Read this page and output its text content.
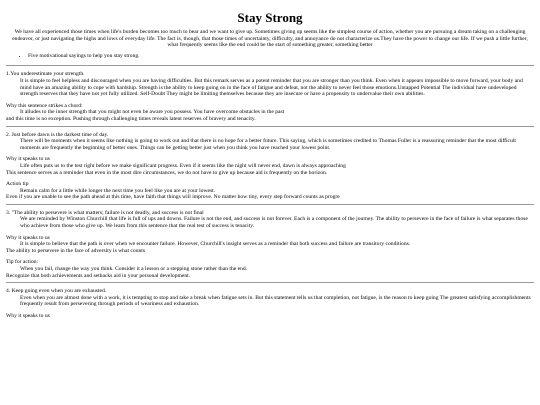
Stay Strong
We have all experienced those times when life's burden becomes too much to bear and we want to give up. Sometimes giving up seems like the simplest course of action, whether you are pursuing a dream taking on a challenging endeavor, or just navigating the highs and lows of everyday life. The fact is, though, that those times of uncertainty, difficulty, and annoyance do not characterize us.They have the power to change our life. If we push a little further, what frequently seems like the end could be the start of something greater, something better
• Five motivational sayings to help you stay strong.
1.You underestimate your strength.
It is simple to feel helpless and discouraged when you are having difficulties. But this remark serves as a potent reminder that you are stronger than you think. Even when it appears impossible to move forward, your body and mind have an amazing ability to cope with hardship. Strength is the ability to keep going on in the face of fatigue and defeat, not the ability to never feel those emotions.Untapped Potential The individual have undeveloped strength reserves that they have not yet fully utilized. Self-Doubt They might be limiting themselves because they are insecure or have a propensity to undervalue their own abilities.
Why this sentence strikes a chord:
It alludes to the inner strength that you might not even be aware you possess. You have overcome obstacles in the past
and this time is no exception. Pushing through challenging times reveals latent reserves of bravery and tenacity.
2. Just before dawn is the darkest time of day.
There will be moments when it seems like nothing is going to work out and that there is no hope for a better future. This saying, which is sometimes credited to Thomas Fuller is a reassuring reminder that the most difficult moments are frequently the beginning of better ones. Things can be getting better just when you think you have reached your lowest point.
Why it speaks to us
Life often puts us to the test right before we make significant progress. Even if it seems like the night will never end, dawn is always approaching
This sentence serves as a reminder that even in the most dire circumstances, we do not have to give up because aid is frequently on the horizon.
Action tip
Remain calm for a little while longer the next time you feel like you are at your lowest.
Even if you are unable to see the path ahead at this time, have faith that things will improve. No matter how tiny, every step forward counts as progre
3. "The ability to persevere is what matters; failure is not deadly, and success is not final
We are reminded by Winston Churchill that life is full of ups and downs. Failure is not the end, and success is not forever. Each is a component of the journey. The ability to persevere in the face of failure is what separates those who achieve from those who give up. We learn from this sentence that the real test of success is tenacity.
Why it speaks to us
It is simple to believe that the path is over when we encounter failure. However, Churchill's insight serves as a reminder that both success and failure are transitory conditions.
The ability to persevere in the face of adversity is what counts
Tip for action:
When you fail, change the way you think. Consider it a lesson or a stepping stone rather than the end.
Recognize that both achievements and setbacks aid in your personal development.
4. Keep going even when you are exhausted.
Even when you are almost done with a work, it is tempting to stop and take a break when fatigue sets in. But this statement tells us that completion, not fatigue, is the reason to keep going The greatest satisfying accomplishments frequently result from persevering through periods of weariness and exhaustion.
Why it speaks to us
